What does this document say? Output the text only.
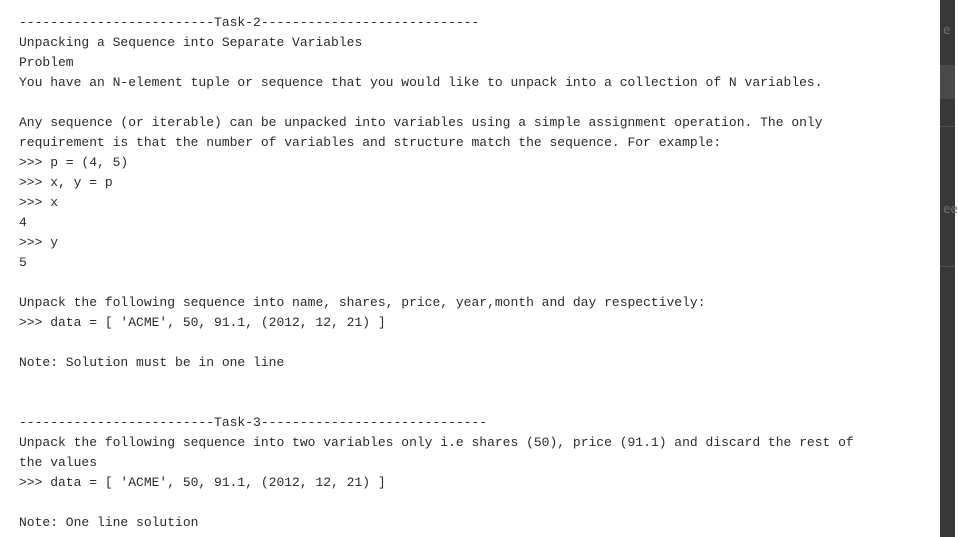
-------------------------Task-2----------------------------
Unpacking a Sequence into Separate Variables
Problem
You have an N-element tuple or sequence that you would like to unpack into a collection of N variables.
Any sequence (or iterable) can be unpacked into variables using a simple assignment operation. The only
requirement is that the number of variables and structure match the sequence. For example:
>>> p = (4, 5)
>>> x, y = p
>>> x
4
>>> y
5
Unpack the following sequence into name, shares, price, year,month and day respectively:
>>> data = [ 'ACME', 50, 91.1, (2012, 12, 21) ]
Note: Solution must be in one line
-------------------------Task-3-----------------------------
Unpack the following sequence into two variables only i.e shares (50), price (91.1) and discard the rest of
the values
>>> data = [ 'ACME', 50, 91.1, (2012, 12, 21) ]
Note: One line solution
e
ee
